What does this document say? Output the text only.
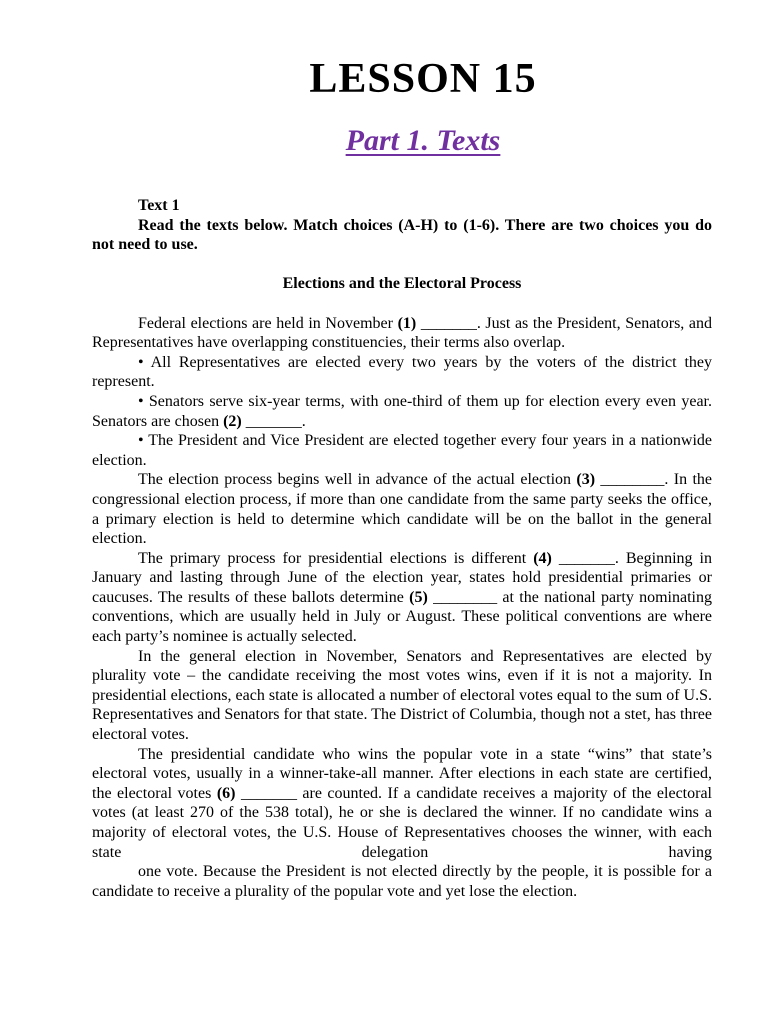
LESSON 15
Part 1. Texts

Text 1

Read the texts below. Match choices (A-H) to (1-6). There are two choices you do not need to use.

Elections and the Electoral Process

Federal elections are held in November (1) _______. Just as the President, Senators, and Representatives have overlapping constituencies, their terms also overlap.

• All Representatives are elected every two years by the voters of the district they represent.

• Senators serve six-year terms, with one-third of them up for election every even year. Senators are chosen (2) _______.

• The President and Vice President are elected together every four years in a nationwide election.

The election process begins well in advance of the actual election (3) ________. In the congressional election process, if more than one candidate from the same party seeks the office, a primary election is held to determine which candidate will be on the ballot in the general election.

The primary process for presidential elections is different (4) _______. Beginning in January and lasting through June of the election year, states hold presidential primaries or caucuses. The results of these ballots determine (5) ________ at the national party nominating conventions, which are usually held in July or August. These political conventions are where each party’s nominee is actually selected.

In the general election in November, Senators and Representatives are elected by plurality vote – the candidate receiving the most votes wins, even if it is not a majority. In presidential elections, each state is allocated a number of electoral votes equal to the sum of U.S. Representatives and Senators for that state. The District of Columbia, though not a stet, has three electoral votes.

The presidential candidate who wins the popular vote in a state “wins” that state’s electoral votes, usually in a winner-take-all manner. After elections in each state are certified, the electoral votes (6) _______ are counted. If a candidate receives a majority of the electoral votes (at least 270 of the 538 total), he or she is declared the winner. If no candidate wins a majority of electoral votes, the U.S. House of Representatives chooses the winner, with each state delegation having

one vote. Because the President is not elected directly by the people, it is possible for a candidate to receive a plurality of the popular vote and yet lose the election.
